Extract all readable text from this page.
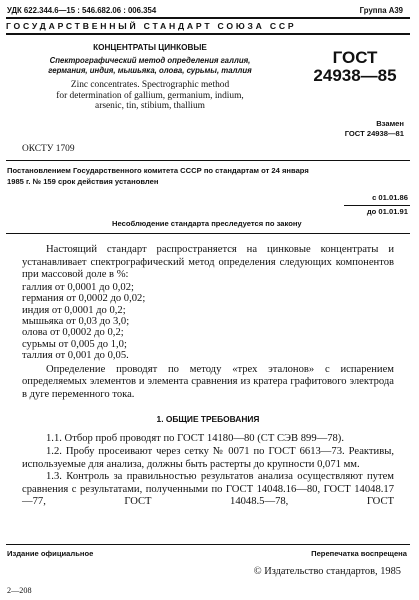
УДК 622.344.6—15 : 546.682.06 : 006.354	Группа А39
ГОСУДАРСТВЕННЫЙ СТАНДАРТ СОЮЗА ССР
КОНЦЕНТРАТЫ ЦИНКОВЫЕ
Спектрографический метод определения галлия,
германия, индия, мышьяка, олова, сурьмы, таллия
Zinc concentrates. Spectrographic method
for determination of gallium, germanium, indium,
arsenic, tin, stibium, thallium
ГОСТ
24938—85
Взамен
ГОСТ 24938—81
ОКСТУ 1709
Постановлением Государственного комитета СССР по стандартам от 24 января
1985 г. № 159 срок действия установлен
с 01.01.86
до 01.01.91
Несоблюдение стандарта преследуется по закону
Настоящий стандарт распространяется на цинковые концентраты и устанавливает спектрографический метод определения следующих компонентов при массовой доле в %:
галлия от 0,0001 до 0,02;
германия от 0,0002 до 0,02;
индия от 0,0001 до 0,2;
мышьяка от 0,03 до 3,0;
олова от 0,0002 до 0,2;
сурьмы от 0,005 до 1,0;
таллия от 0,001 до 0,05.
Определение проводят по методу «трех эталонов» с испарением определяемых элементов и элемента сравнения из кратера графитового электрода в дуге переменного тока.
1. ОБЩИЕ ТРЕБОВАНИЯ
1.1. Отбор проб проводят по ГОСТ 14180—80 (СТ СЭВ 899—78).
1.2. Пробу просеивают через сетку № 0071 по ГОСТ 6613—73. Реактивы, используемые для анализа, должны быть растерты до крупности 0,071 мм.
1.3. Контроль за правильностью результатов анализа осуществляют путем сравнения с результатами, полученными по ГОСТ 14048.16—80, ГОСТ 14048.17—77, ГОСТ 14048.5—78, ГОСТ
Издание официальное	Перепечатка воспрещена
© Издательство стандартов, 1985
2—208
